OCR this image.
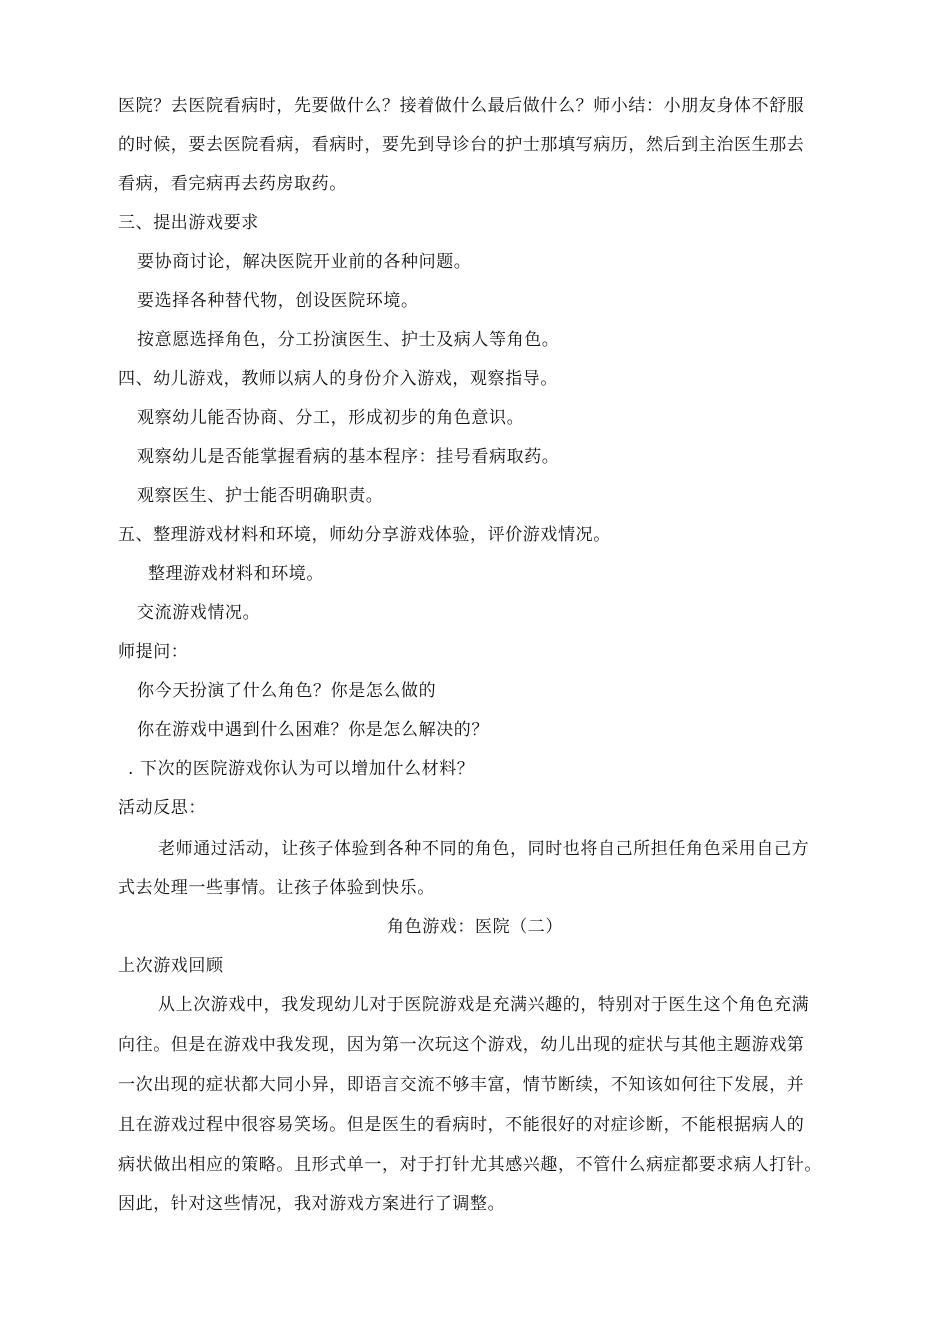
医院？去医院看病时，先要做什么？接着做什么最后做什么？师小结：小朋友身体不舒服
的时候，要去医院看病，看病时，要先到导诊台的护士那填写病历，然后到主治医生那去
看病，看完病再去药房取药。
三、提出游戏要求
要协商讨论，解决医院开业前的各种问题。
要选择各种替代物，创设医院环境。
按意愿选择角色，分工扮演医生、护士及病人等角色。
四、幼儿游戏，教师以病人的身份介入游戏，观察指导。
观察幼儿能否协商、分工，形成初步的角色意识。
观察幼儿是否能掌握看病的基本程序：挂号看病取药。
观察医生、护士能否明确职责。
五、整理游戏材料和环境，师幼分享游戏体验，评价游戏情况。
整理游戏材料和环境。
交流游戏情况。
师提问：
你今天扮演了什么角色？你是怎么做的
你在游戏中遇到什么困难？你是怎么解决的？
. 下次的医院游戏你认为可以增加什么材料？
活动反思：
老师通过活动，让孩子体验到各种不同的角色，同时也将自己所担任角色采用自己方
式去处理一些事情。让孩子体验到快乐。
角色游戏：医院（二）
上次游戏回顾
从上次游戏中，我发现幼儿对于医院游戏是充满兴趣的，特别对于医生这个角色充满
向往。但是在游戏中我发现，因为第一次玩这个游戏，幼儿出现的症状与其他主题游戏第
一次出现的症状都大同小异，即语言交流不够丰富，情节断续，不知该如何往下发展，并
且在游戏过程中很容易笑场。但是医生的看病时，不能很好的对症诊断，不能根据病人的
病状做出相应的策略。且形式单一，对于打针尤其感兴趣，不管什么病症都要求病人打针。
因此，针对这些情况，我对游戏方案进行了调整。
